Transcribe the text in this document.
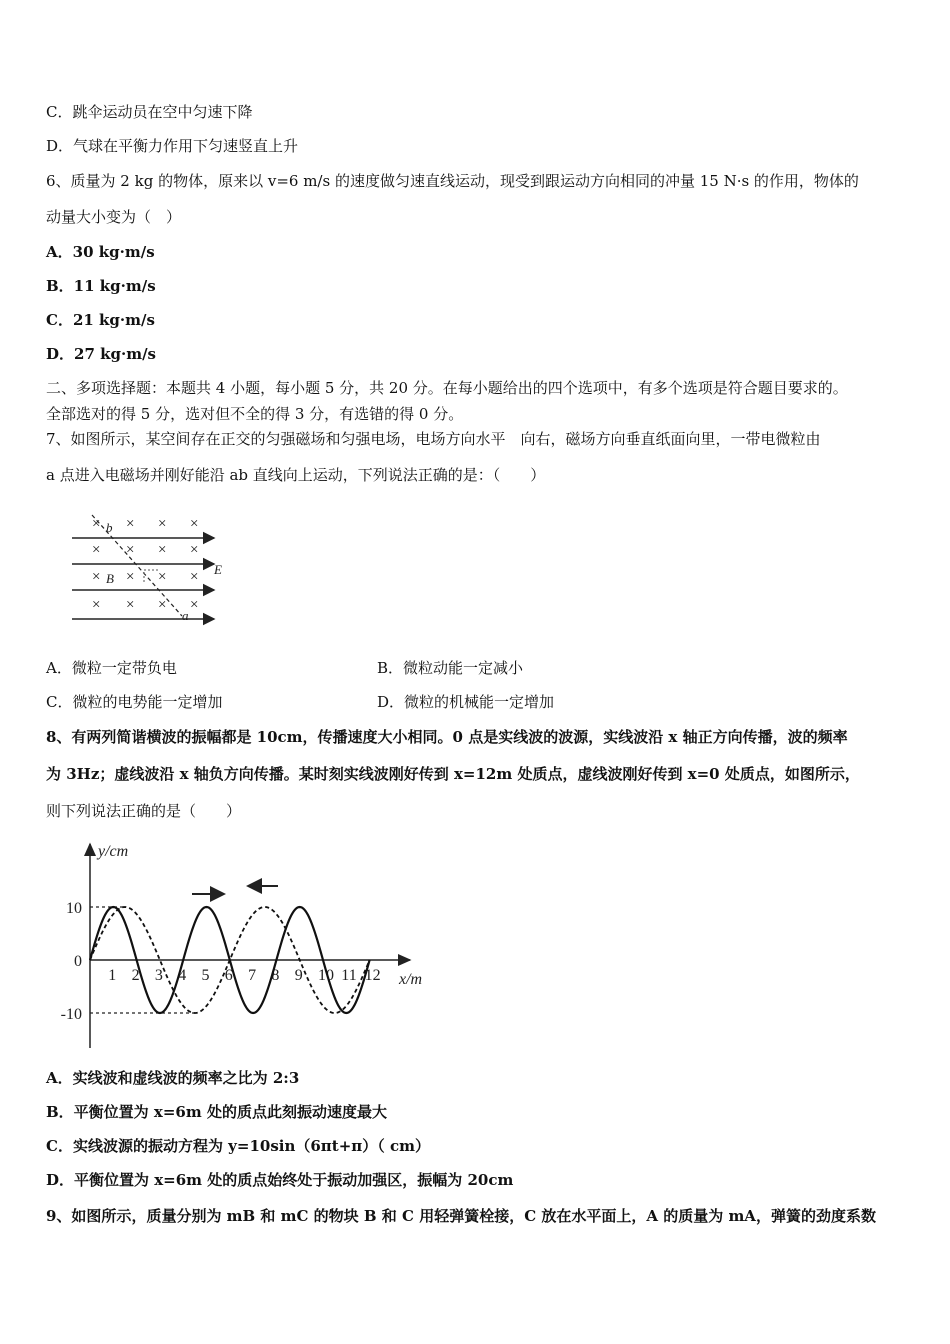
C．跳伞运动员在空中匀速下降
D．气球在平衡力作用下匀速竖直上升
6、质量为 2 kg 的物体，原来以 v=6 m/s 的速度做匀速直线运动，现受到跟运动方向相同的冲量 15 N·s 的作用，物体的
动量大小变为（　）
A．30 kg·m/s
B．11 kg·m/s
C．21 kg·m/s
D．27 kg·m/s
二、多项选择题：本题共 4 小题，每小题 5 分，共 20 分。在每小题给出的四个选项中，有多个选项是符合题目要求的。
全部选对的得 5 分，选对但不全的得 3 分，有选错的得 0 分。
7、如图所示，某空间存在正交的匀强磁场和匀强电场，电场方向水平　向右，磁场方向垂直纸面向里，一带电微粒由
a 点进入电磁场并刚好能沿 ab 直线向上运动，下列说法正确的是：（　　）
× × × ×
× × × ×
× × × ×
× × × ×
b
B
a
E
A．微粒一定带负电	B．微粒动能一定减小
C．微粒的电势能一定增加	D．微粒的机械能一定增加
8、有两列简谐横波的振幅都是 10cm，传播速度大小相同。0 点是实线波的波源，实线波沿 x 轴正方向传播，波的频率
为 3Hz；虚线波沿 x 轴负方向传播。某时刻实线波刚好传到 x=12m 处质点，虚线波刚好传到 x=0 处质点，如图所示，
则下列说法正确的是（　　）
y/cm
x/m
1 2 3 4 5 6 7 8 9 10 11 12
10
0
-10
A．实线波和虚线波的频率之比为 2:3
B．平衡位置为 x=6m 处的质点此刻振动速度最大
C．实线波源的振动方程为 y=10sin（6πt+π）（ cm）
D．平衡位置为 x=6m 处的质点始终处于振动加强区，振幅为 20cm
9、如图所示，质量分别为 mB 和 mC 的物块 B 和 C 用轻弹簧栓接，C 放在水平面上，A 的质量为 mA，弹簧的劲度系数
